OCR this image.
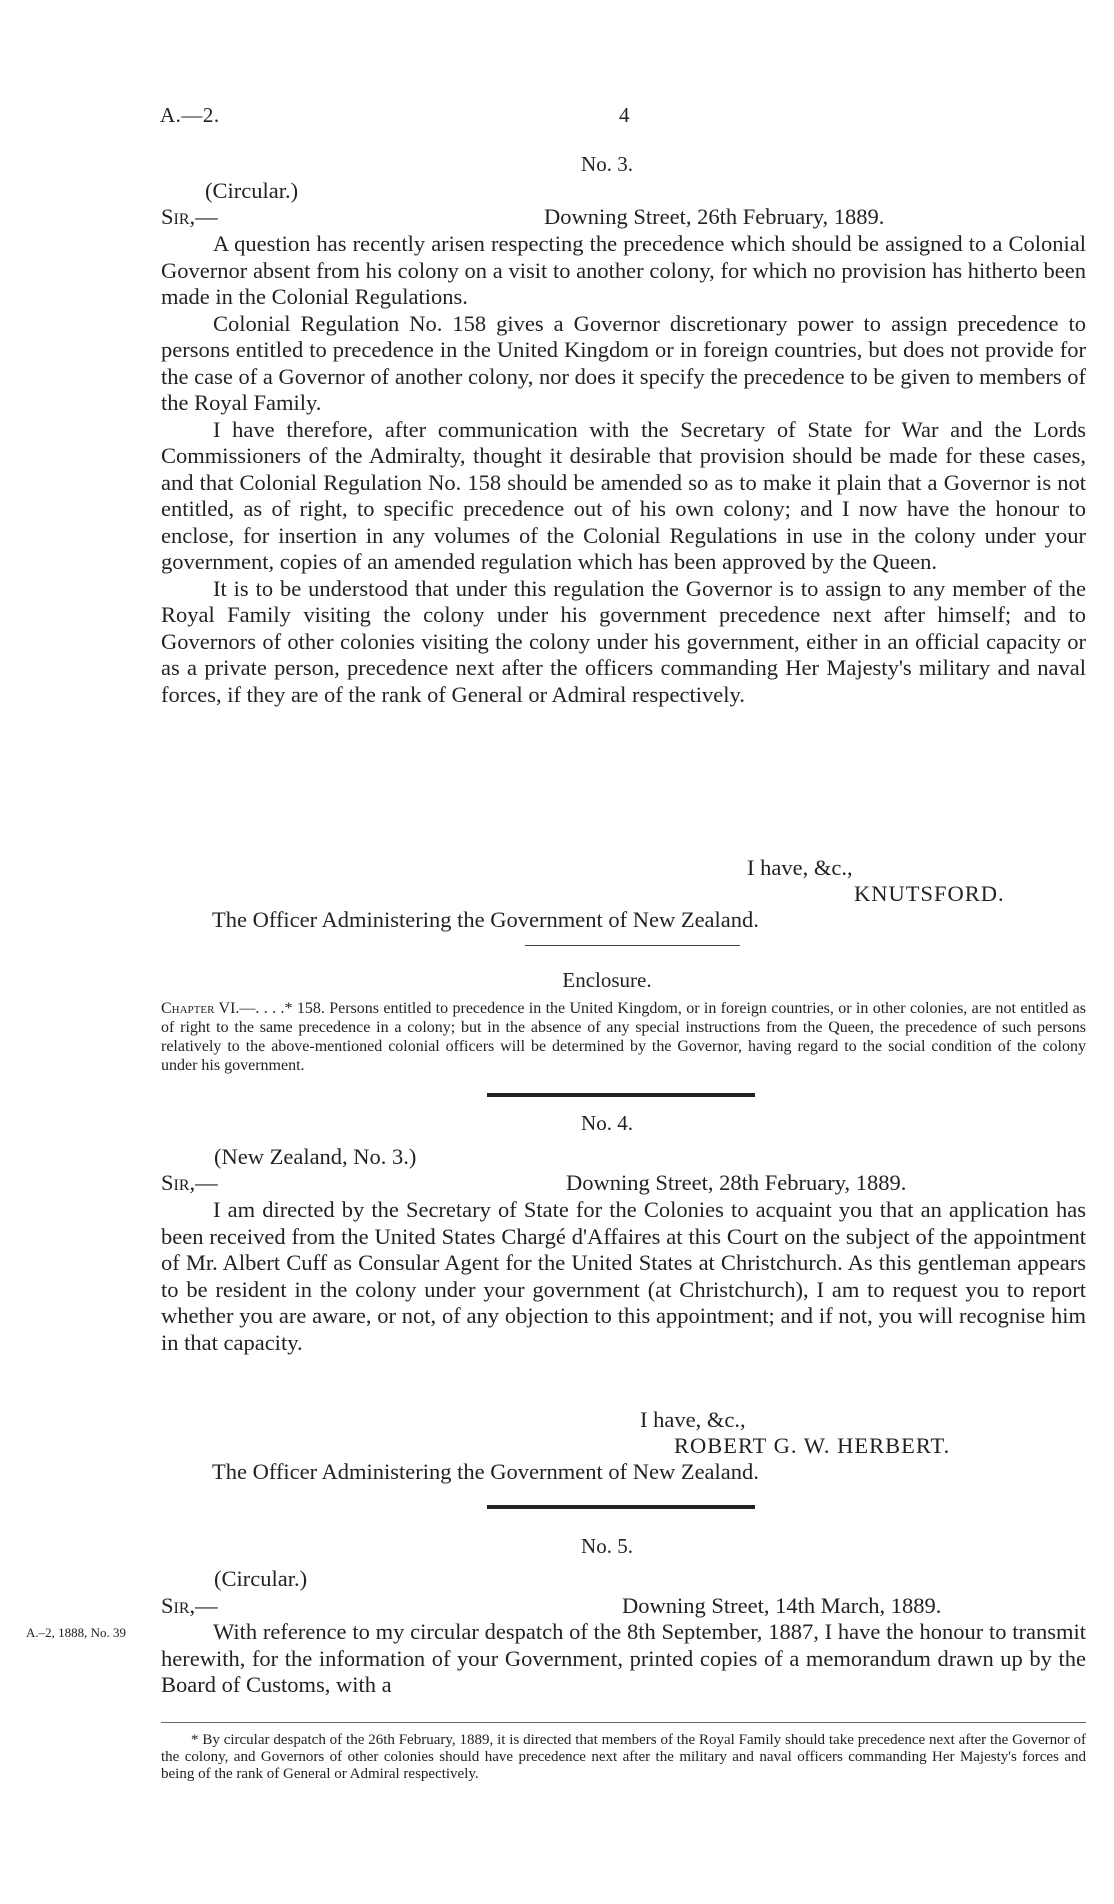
A.—2.	4
No. 3.
(Circular.)
Sir,—	Downing Street, 26th February, 1889.

A question has recently arisen respecting the precedence which should be assigned to a Colonial Governor absent from his colony on a visit to another colony, for which no provision has hitherto been made in the Colonial Regulations.

Colonial Regulation No. 158 gives a Governor discretionary power to assign precedence to persons entitled to precedence in the United Kingdom or in foreign countries, but does not provide for the case of a Governor of another colony, nor does it specify the precedence to be given to members of the Royal Family.

I have therefore, after communication with the Secretary of State for War and the Lords Commissioners of the Admiralty, thought it desirable that provision should be made for these cases, and that Colonial Regulation No. 158 should be amended so as to make it plain that a Governor is not entitled, as of right, to specific precedence out of his own colony; and I now have the honour to enclose, for insertion in any volumes of the Colonial Regulations in use in the colony under your government, copies of an amended regulation which has been approved by the Queen.

It is to be understood that under this regulation the Governor is to assign to any member of the Royal Family visiting the colony under his government precedence next after himself; and to Governors of other colonies visiting the colony under his government, either in an official capacity or as a private person, precedence next after the officers commanding Her Majesty's military and naval forces, if they are of the rank of General or Admiral respectively.

I have, &c.,
KNUTSFORD.
The Officer Administering the Government of New Zealand.
Enclosure.

Chapter VI.—. . . .* 158. Persons entitled to precedence in the United Kingdom, or in foreign countries, or in other colonies, are not entitled as of right to the same precedence in a colony; but in the absence of any special instructions from the Queen, the precedence of such persons relatively to the above-mentioned colonial officers will be determined by the Governor, having regard to the social condition of the colony under his government.

No. 4.
(New Zealand, No. 3.)
Sir,—	Downing Street, 28th February, 1889.

I am directed by the Secretary of State for the Colonies to acquaint you that an application has been received from the United States Chargé d'Affaires at this Court on the subject of the appointment of Mr. Albert Cuff as Consular Agent for the United States at Christchurch. As this gentleman appears to be resident in the colony under your government (at Christchurch), I am to request you to report whether you are aware, or not, of any objection to this appointment; and if not, you will recognise him in that capacity.

I have, &c.,
ROBERT G. W. HERBERT.
The Officer Administering the Government of New Zealand.
No. 5.
(Circular.)
Sir,—	Downing Street, 14th March, 1889.
A.–2, 1888, No. 39	With reference to my circular despatch of the 8th September, 1887, I have the honour to transmit herewith, for the information of your Government, printed copies of a memorandum drawn up by the Board of Customs, with a

* By circular despatch of the 26th February, 1889, it is directed that members of the Royal Family should take precedence next after the Governor of the colony, and Governors of other colonies should have precedence next after the military and naval officers commanding Her Majesty's forces and being of the rank of General or Admiral respectively.
